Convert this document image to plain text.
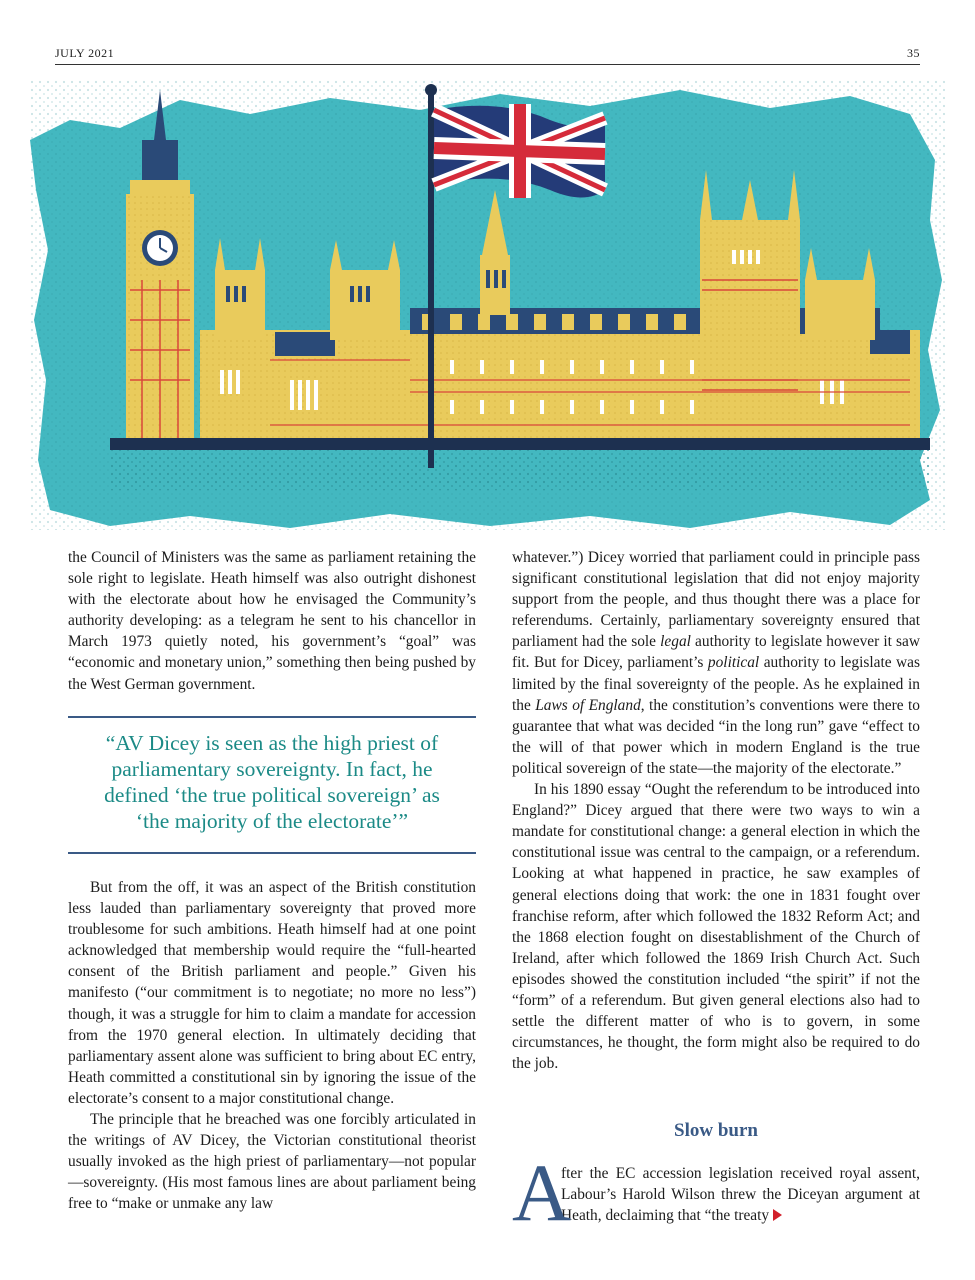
JULY 2021	35

the Council of Ministers was the same as parliament retaining the sole right to legislate. Heath himself was also outright dishonest with the electorate about how he envisaged the Community’s authority developing: as a telegram he sent to his chancellor in March 1973 quietly noted, his government’s “goal” was “economic and monetary union,” something then being pushed by the West German government.

“AV Dicey is seen as the high priest of parliamentary sovereignty. In fact, he defined ‘the true political sovereign’ as ‘the majority of the electorate’”

But from the off, it was an aspect of the British constitution less lauded than parliamentary sovereignty that proved more troublesome for such ambitions. Heath himself had at one point acknowledged that membership would require the “full-hearted consent of the British parliament and people.” Given his manifesto (“our commitment is to negotiate; no more no less”) though, it was a struggle for him to claim a mandate for accession from the 1970 general election. In ultimately deciding that parliamentary assent alone was sufficient to bring about EC entry, Heath committed a constitutional sin by ignoring the issue of the electorate’s consent to a major constitutional change.

The principle that he breached was one forcibly articulated in the writings of AV Dicey, the Victorian constitutional theorist usually invoked as the high priest of parliamentary—not popular—sovereignty. (His most famous lines are about parliament being free to “make or unmake any law

whatever.”) Dicey worried that parliament could in principle pass significant constitutional legislation that did not enjoy majority support from the people, and thus thought there was a place for referendums. Certainly, parliamentary sovereignty ensured that parliament had the sole legal authority to legislate however it saw fit. But for Dicey, parliament’s political authority to legislate was limited by the final sovereignty of the people. As he explained in the Laws of England, the constitution’s conventions were there to guarantee that what was decided “in the long run” gave “effect to the will of that power which in modern England is the true political sovereign of the state—the majority of the electorate.”

In his 1890 essay “Ought the referendum to be introduced into England?” Dicey argued that there were two ways to win a mandate for constitutional change: a general election in which the constitutional issue was central to the campaign, or a referendum. Looking at what happened in practice, he saw examples of general elections doing that work: the one in 1831 fought over franchise reform, after which followed the 1832 Reform Act; and the 1868 election fought on disestablishment of the Church of Ireland, after which followed the 1869 Irish Church Act. Such episodes showed the constitution included “the spirit” if not the “form” of a referendum. But given general elections also had to settle the different matter of who is to govern, in some circumstances, he thought, the form might also be required to do the job.

Slow burn
A
fter the EC accession legislation received royal assent, Labour’s Harold Wilson threw the Diceyan argument at Heath, declaiming that “the treaty
